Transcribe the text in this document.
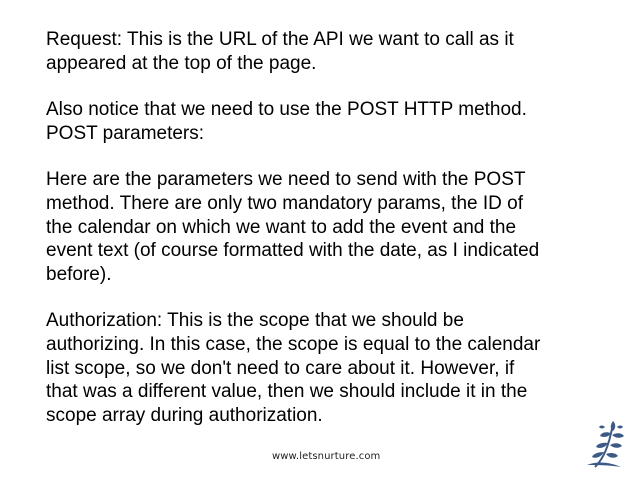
Request: This is the URL of the API we want to call as it
appeared at the top of the page.

Also notice that we need to use the POST HTTP method.
POST parameters:

Here are the parameters we need to send with the POST
method. There are only two mandatory params, the ID of
the calendar on which we want to add the event and the
event text (of course formatted with the date, as I indicated
before).

Authorization: This is the scope that we should be
authorizing. In this case, the scope is equal to the calendar
list scope, so we don't need to care about it. However, if
that was a different value, then we should include it in the
scope array during authorization.

www.letsnurture.com
